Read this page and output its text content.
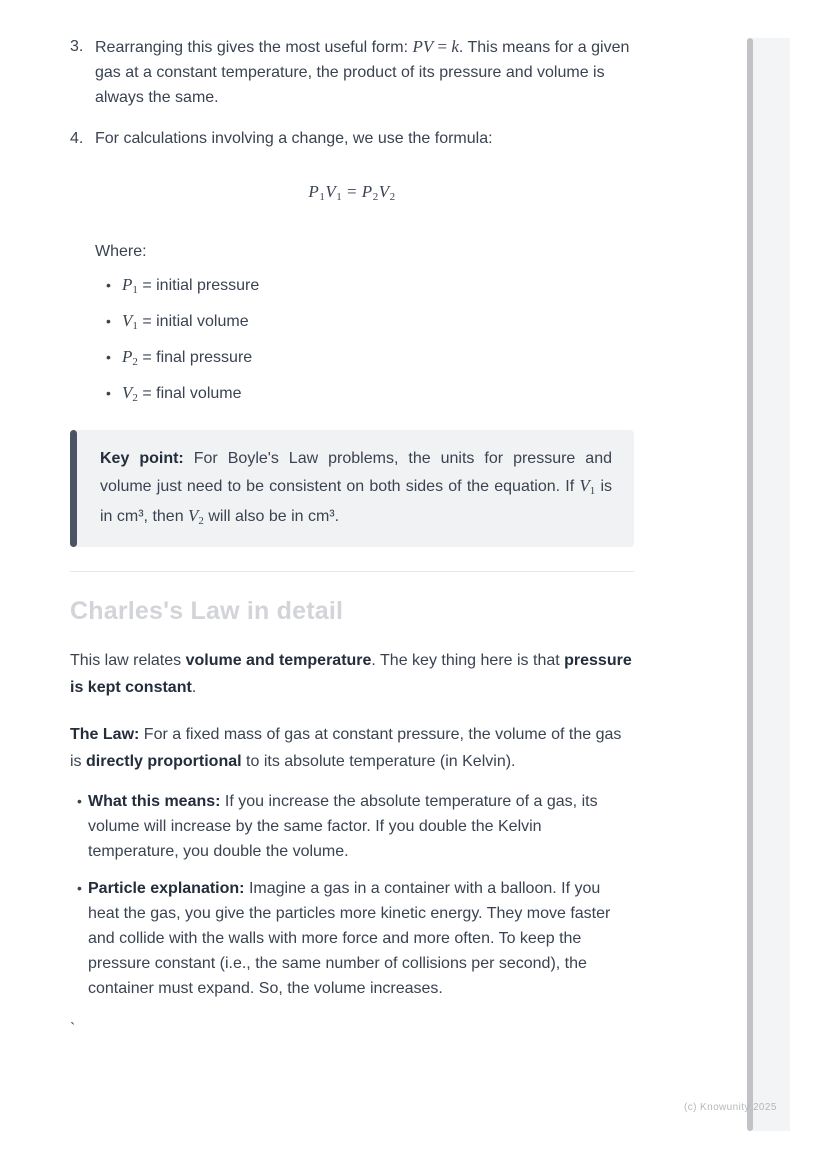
3. Rearranging this gives the most useful form: PV = k. This means for a given gas at a constant temperature, the product of its pressure and volume is always the same.
4. For calculations involving a change, we use the formula:
P1V1 = P2V2
Where:
• P1 = initial pressure
• V1 = initial volume
• P2 = final pressure
• V2 = final volume
Key point: For Boyle's Law problems, the units for pressure and volume just need to be consistent on both sides of the equation. If V1 is in cm³, then V2 will also be in cm³.
Charles's Law in detail

This law relates volume and temperature. The key thing here is that pressure is kept constant.

The Law: For a fixed mass of gas at constant pressure, the volume of the gas is directly proportional to its absolute temperature (in Kelvin).

• What this means: If you increase the absolute temperature of a gas, its volume will increase by the same factor. If you double the Kelvin temperature, you double the volume.
• Particle explanation: Imagine a gas in a container with a balloon. If you heat the gas, you give the particles more kinetic energy. They move faster and collide with the walls with more force and more often. To keep the pressure constant (i.e., the same number of collisions per second), the container must expand. So, the volume increases.
`
(c) Knowunity 2025
